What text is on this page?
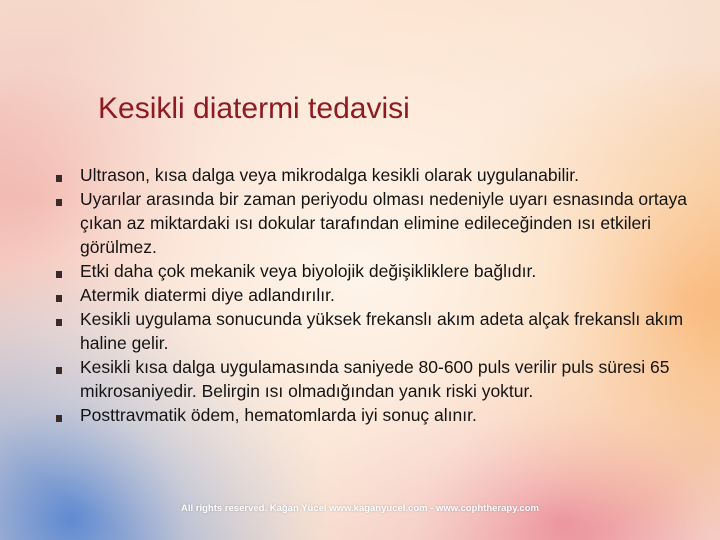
Kesikli diatermi tedavisi
Ultrason, kısa dalga veya mikrodalga kesikli olarak uygulanabilir.
Uyarılar arasında bir zaman periyodu olması nedeniyle uyarı esnasında ortaya çıkan az miktardaki ısı dokular tarafından elimine edileceğinden ısı etkileri görülmez.
Etki daha çok mekanik veya biyolojik değişikliklere bağlıdır.
Atermik diatermi diye adlandırılır.
Kesikli uygulama sonucunda yüksek frekanslı akım adeta alçak frekanslı akım haline gelir.
Kesikli kısa dalga uygulamasında saniyede 80-600 puls verilir puls süresi 65 mikrosaniyedir. Belirgin ısı olmadığından yanık riski yoktur.
Posttravmatik ödem, hematomlarda iyi sonuç alınır.
All rights reserved. Kağan Yücel www.kaganyucel.com - www.cophtherapy.com
